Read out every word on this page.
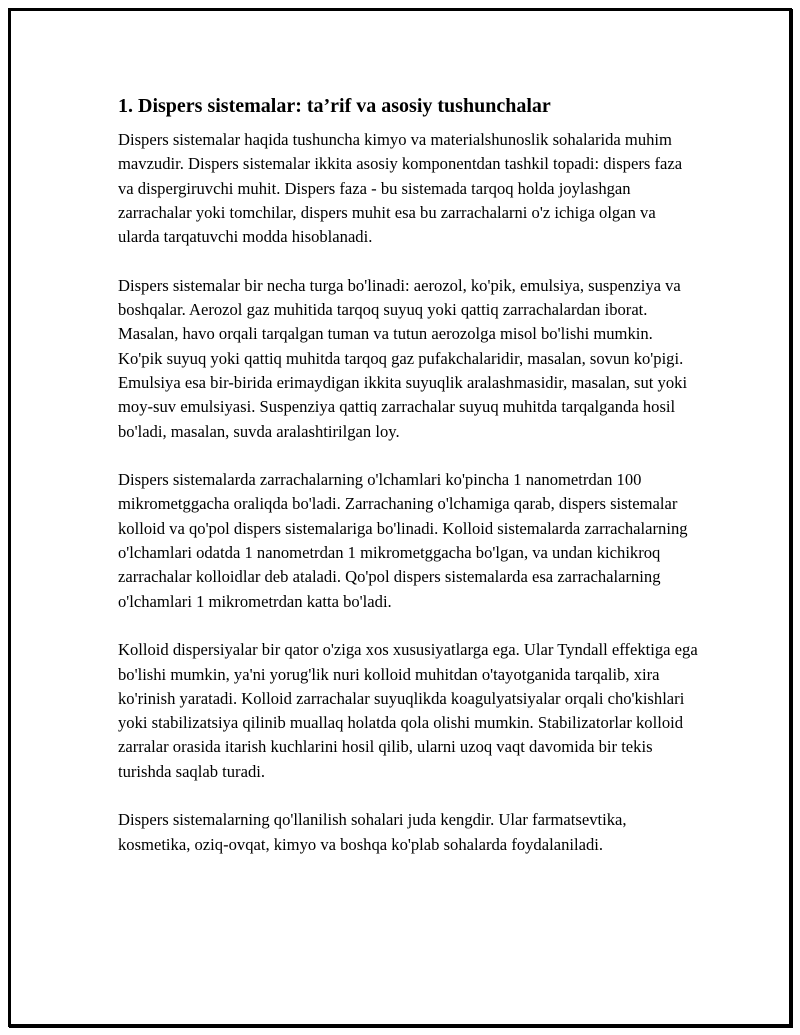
1. Dispers sistemalar: ta’rif va asosiy tushunchalar

Dispers sistemalar haqida tushuncha kimyo va materialshunoslik sohalarida muhim mavzudir. Dispers sistemalar ikkita asosiy komponentdan tashkil topadi: dispers faza va dispergiruvchi muhit. Dispers faza - bu sistemada tarqoq holda joylashgan zarrachalar yoki tomchilar, dispers muhit esa bu zarrachalarni o'z ichiga olgan va ularda tarqatuvchi modda hisoblanadi.

Dispers sistemalar bir necha turga bo'linadi: aerozol, ko'pik, emulsiya, suspenziya va boshqalar. Aerozol gaz muhitida tarqoq suyuq yoki qattiq zarrachalardan iborat. Masalan, havo orqali tarqalgan tuman va tutun aerozolga misol bo'lishi mumkin. Ko'pik suyuq yoki qattiq muhitda tarqoq gaz pufakchalaridir, masalan, sovun ko'pigi. Emulsiya esa bir-birida erimaydigan ikkita suyuqlik aralashmasidir, masalan, sut yoki moy-suv emulsiyasi. Suspenziya qattiq zarrachalar suyuq muhitda tarqalganda hosil bo'ladi, masalan, suvda aralashtirilgan loy.

Dispers sistemalarda zarrachalarning o'lchamlari ko'pincha 1 nanometrdan 100 mikrometggacha oraliqda bo'ladi. Zarrachaning o'lchamiga qarab, dispers sistemalar kolloid va qo'pol dispers sistemalariga bo'linadi. Kolloid sistemalarda zarrachalarning o'lchamlari odatda 1 nanometrdan 1 mikrometggacha bo'lgan, va undan kichikroq zarrachalar kolloidlar deb ataladi. Qo'pol dispers sistemalarda esa zarrachalarning o'lchamlari 1 mikrometrdan katta bo'ladi.

Kolloid dispersiyalar bir qator o'ziga xos xususiyatlarga ega. Ular Tyndall effektiga ega bo'lishi mumkin, ya'ni yorug'lik nuri kolloid muhitdan o'tayotganida tarqalib, xira ko'rinish yaratadi. Kolloid zarrachalar suyuqlikda koagulyatsiyalar orqali cho'kishlari yoki stabilizatsiya qilinib muallaq holatda qola olishi mumkin. Stabilizatorlar kolloid zarralar orasida itarish kuchlarini hosil qilib, ularni uzoq vaqt davomida bir tekis turishda saqlab turadi.

Dispers sistemalarning qo'llanilish sohalari juda kengdir. Ular farmatsevtika, kosmetika, oziq-ovqat, kimyo va boshqa ko'plab sohalarda foydalaniladi.
